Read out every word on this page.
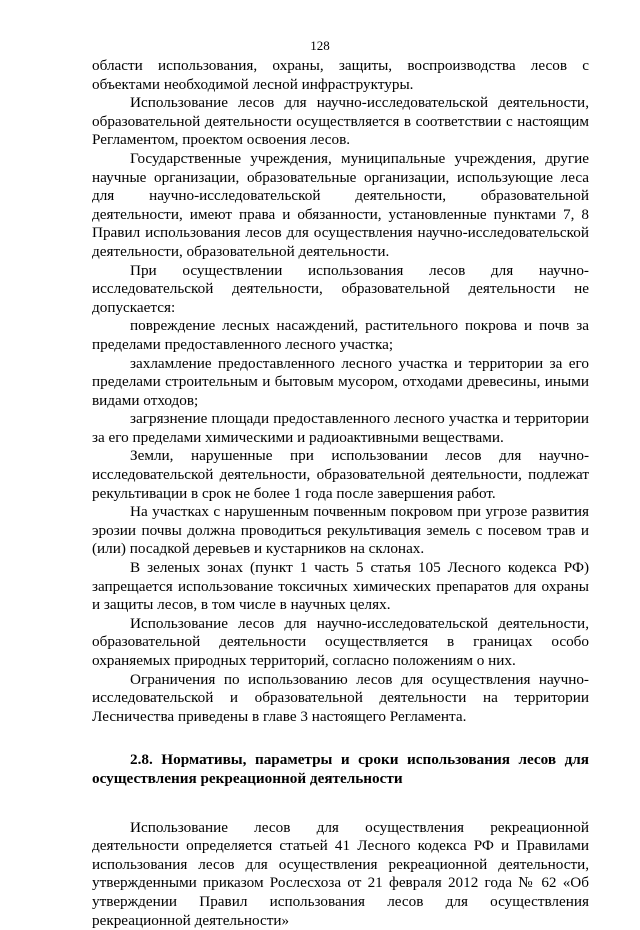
128

области использования, охраны, защиты, воспроизводства лесов с объектами необходимой лесной инфраструктуры.

Использование лесов для научно-исследовательской деятельности, образовательной деятельности осуществляется в соответствии с настоящим Регламентом, проектом освоения лесов.

Государственные учреждения, муниципальные учреждения, другие научные организации, образовательные организации, использующие леса для научно-исследовательской деятельности, образовательной деятельности, имеют права и обязанности, установленные пунктами 7, 8 Правил использования лесов для осуществления научно-исследовательской деятельности, образовательной деятельности.

При осуществлении использования лесов для научно-исследовательской деятельности, образовательной деятельности не допускается:

повреждение лесных насаждений, растительного покрова и почв за пределами предоставленного лесного участка;

захламление предоставленного лесного участка и территории за его пределами строительным и бытовым мусором, отходами древесины, иными видами отходов;

загрязнение площади предоставленного лесного участка и территории за его пределами химическими и радиоактивными веществами.

Земли, нарушенные при использовании лесов для научно-исследовательской деятельности, образовательной деятельности, подлежат рекультивации в срок не более 1 года после завершения работ.

На участках с нарушенным почвенным покровом при угрозе развития эрозии почвы должна проводиться рекультивация земель с посевом трав и (или) посадкой деревьев и кустарников на склонах.

В зеленых зонах (пункт 1 часть 5 статья 105 Лесного кодекса РФ) запрещается использование токсичных химических препаратов для охраны и защиты лесов, в том числе в научных целях.

Использование лесов для научно-исследовательской деятельности, образовательной деятельности осуществляется в границах особо охраняемых природных территорий, согласно положениям о них.

Ограничения по использованию лесов для осуществления научно-исследовательской и образовательной деятельности на территории Лесничества приведены в главе 3 настоящего Регламента.

2.8. Нормативы, параметры и сроки использования лесов для осуществления рекреационной деятельности

Использование лесов для осуществления рекреационной деятельности определяется статьей 41 Лесного кодекса РФ и Правилами использования лесов для осуществления рекреационной деятельности, утвержденными приказом Рослесхоза от 21 февраля 2012 года № 62 «Об утверждении Правил использования лесов для осуществления рекреационной деятельности»
